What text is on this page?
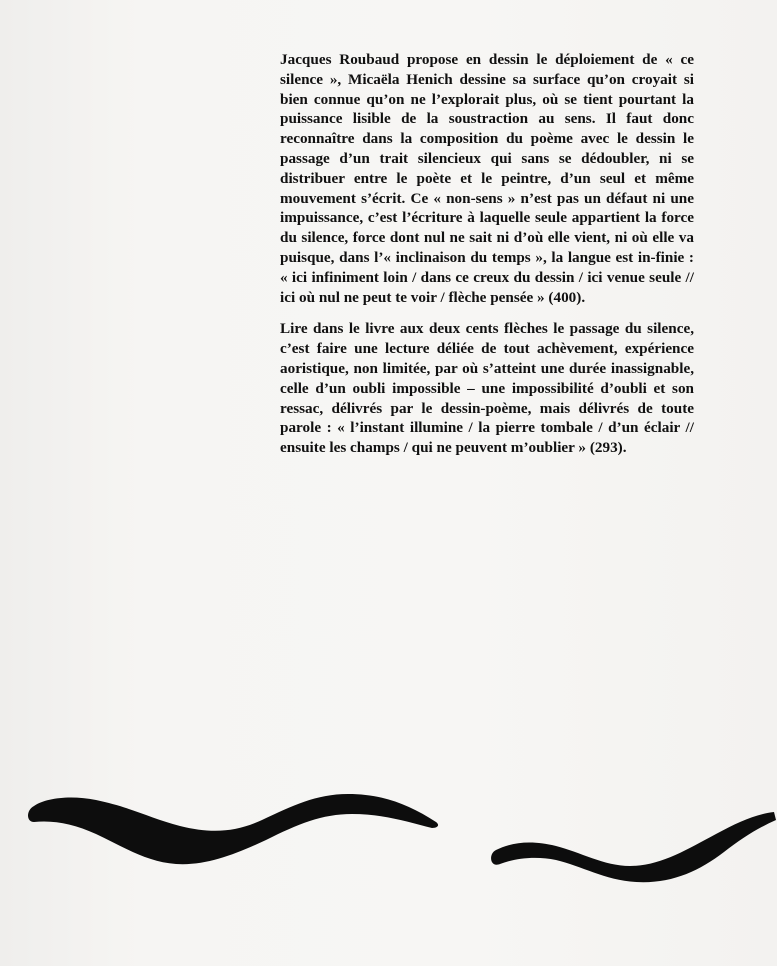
Jacques Roubaud propose en dessin le déploiement de « ce silence », Micaëla Henich dessine sa surface qu’on croyait si bien connue qu’on ne l’explorait plus, où se tient pourtant la puissance lisible de la soustraction au sens. Il faut donc reconnaître dans la composition du poème avec le dessin le passage d’un trait silencieux qui sans se dédoubler, ni se distribuer entre le poète et le peintre, d’un seul et même mouvement s’écrit. Ce « non-sens » n’est pas un défaut ni une impuissance, c’est l’écriture à laquelle seule appartient la force du silence, force dont nul ne sait ni d’où elle vient, ni où elle va puisque, dans l’« inclinaison du temps », la langue est in-finie : « ici infiniment loin / dans ce creux du dessin / ici venue seule // ici où nul ne peut te voir / flèche pensée » (400).

Lire dans le livre aux deux cents flèches le passage du silence, c’est faire une lecture déliée de tout achèvement, expérience aoristique, non limitée, par où s’atteint une durée inassignable, celle d’un oubli impossible – une impossibilité d’oubli et son ressac, délivrés par le dessin-poème, mais délivrés de toute parole : « l’instant illumine / la pierre tombale / d’un éclair // ensuite les champs / qui ne peuvent m’oublier » (293).
